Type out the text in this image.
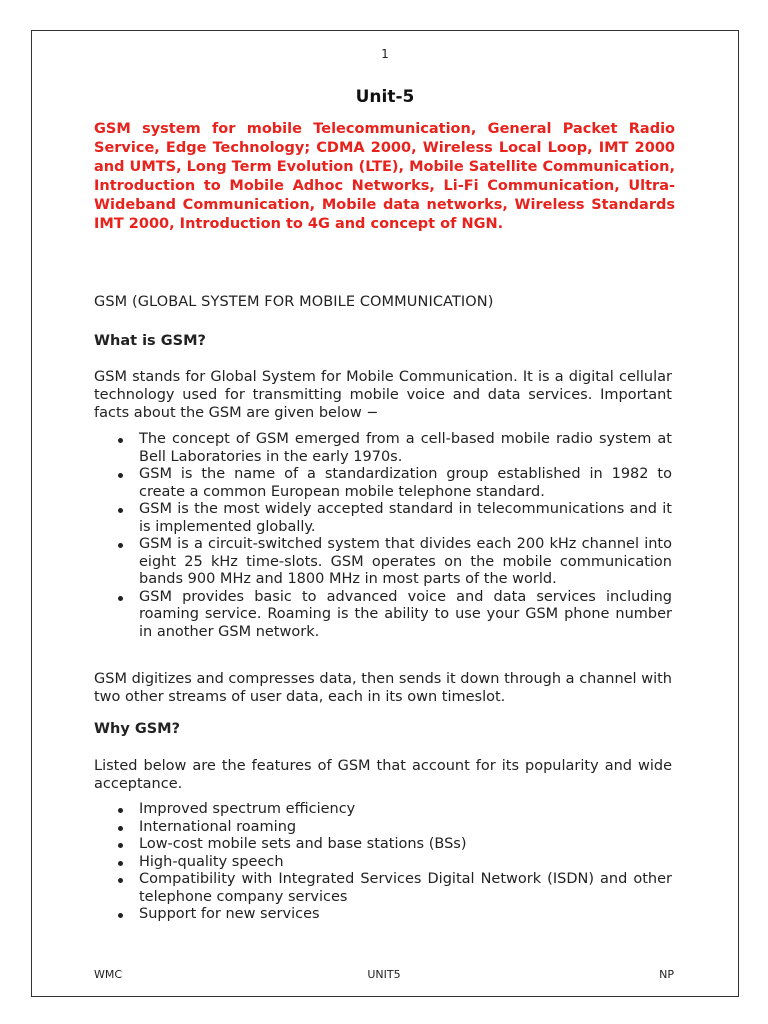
1
Unit-5
GSM system for mobile Telecommunication, General Packet Radio Service, Edge Technology; CDMA 2000, Wireless Local Loop, IMT 2000 and UMTS, Long Term Evolution (LTE), Mobile Satellite Communication, Introduction to Mobile Adhoc Networks, Li-Fi Communication, Ultra-Wideband Communication, Mobile data networks, Wireless Standards IMT 2000, Introduction to 4G and concept of NGN.
GSM (GLOBAL SYSTEM FOR MOBILE COMMUNICATION)
What is GSM?
GSM stands for Global System for Mobile Communication. It is a digital cellular technology used for transmitting mobile voice and data services. Important facts about the GSM are given below −
The concept of GSM emerged from a cell-based mobile radio system at Bell Laboratories in the early 1970s.
GSM is the name of a standardization group established in 1982 to create a common European mobile telephone standard.
GSM is the most widely accepted standard in telecommunications and it is implemented globally.
GSM is a circuit-switched system that divides each 200 kHz channel into eight 25 kHz time-slots. GSM operates on the mobile communication bands 900 MHz and 1800 MHz in most parts of the world.
GSM provides basic to advanced voice and data services including roaming service. Roaming is the ability to use your GSM phone number in another GSM network.
GSM digitizes and compresses data, then sends it down through a channel with two other streams of user data, each in its own timeslot.
Why GSM?
Listed below are the features of GSM that account for its popularity and wide acceptance.
Improved spectrum efficiency
International roaming
Low-cost mobile sets and base stations (BSs)
High-quality speech
Compatibility with Integrated Services Digital Network (ISDN) and other telephone company services
Support for new services
WMC	UNIT5	NP
